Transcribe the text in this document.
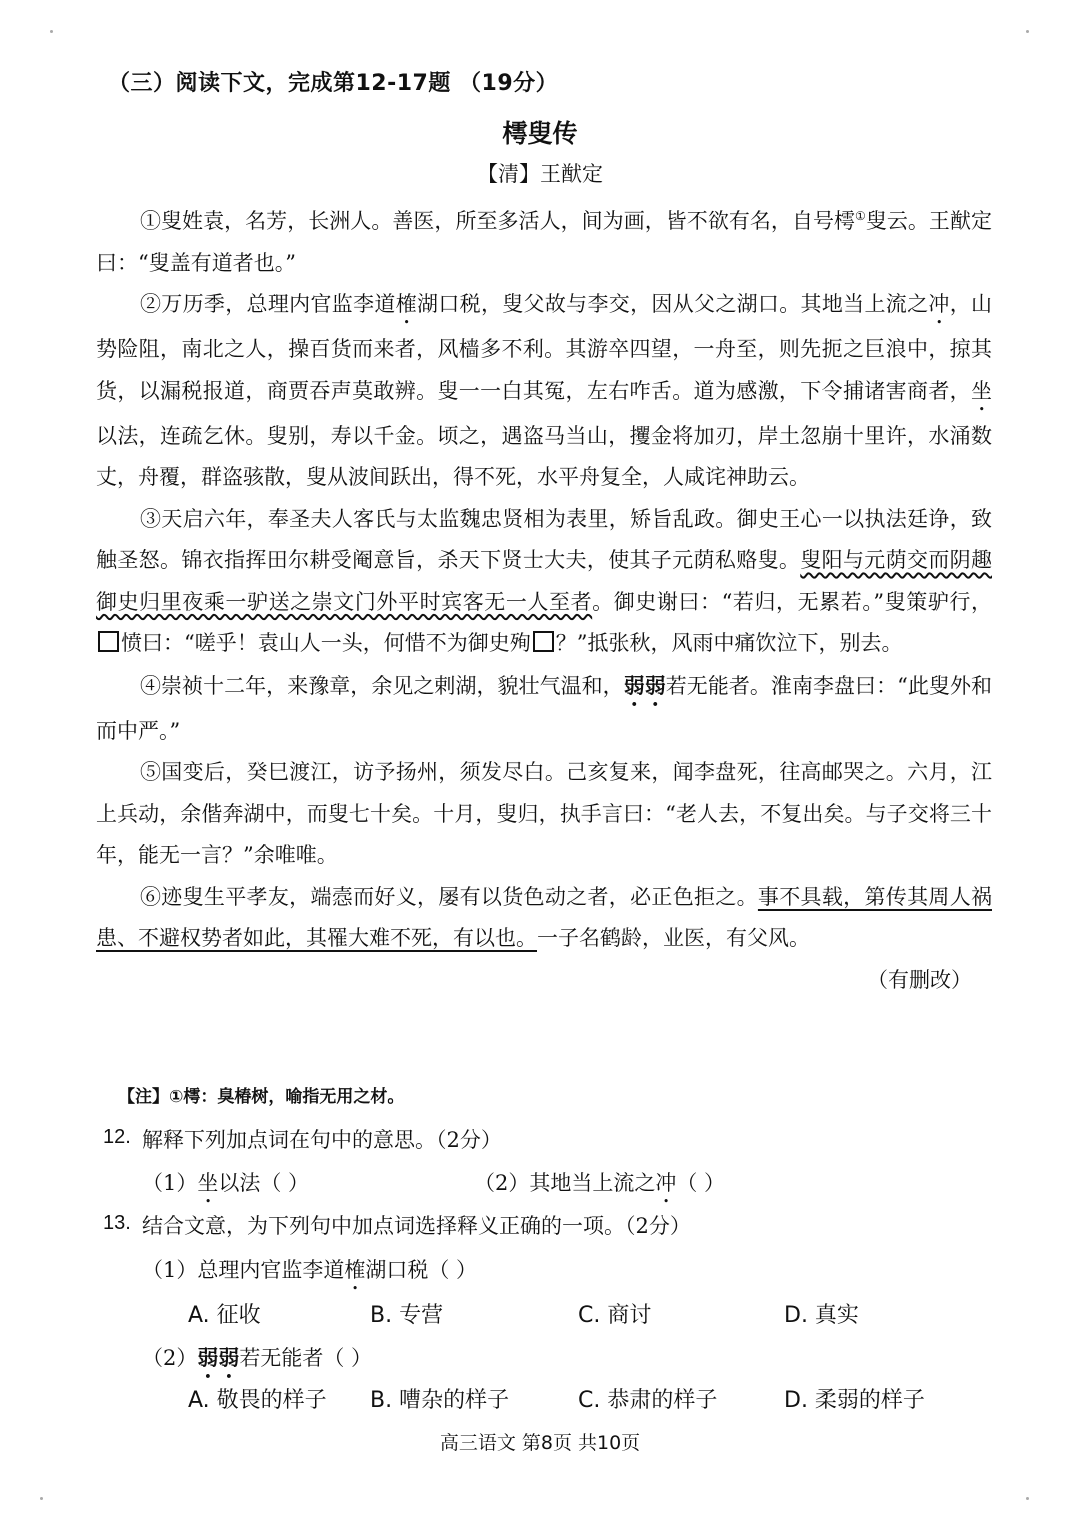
（三）阅读下文，完成第12-17题 （19分）
樗叟传
【清】王猷定

①叟姓袁，名芳，长洲人。善医，所至多活人，间为画，皆不欲有名，自号樗①叟云。王猷定曰：“叟盖有道者也。”

②万历季，总理内官监李道榷湖口税，叟父故与李交，因从父之湖口。其地当上流之冲，山势险阻，南北之人，操百货而来者，风樯多不利。其游卒四望，一舟至，则先扼之巨浪中，掠其货，以漏税报道，商贾吞声莫敢辨。叟一一白其冤，左右咋舌。道为感激，下令捕诸害商者，坐以法，连疏乞休。叟别，寿以千金。顷之，遇盗马当山，攫金将加刃，岸土忽崩十里许，水涌数丈，舟覆，群盗骇散，叟从波间跃出，得不死，水平舟复全，人咸诧神助云。

③天启六年，奉圣夫人客氏与太监魏忠贤相为表里，矫旨乱政。御史王心一以执法廷诤，致触圣怒。锦衣指挥田尔耕受阉意旨，杀天下贤士大夫，使其子元荫私赂叟。叟阳与元荫交而阴趣御史归里夜乘一驴送之崇文门外平时宾客无一人至者。御史谢曰：“若归，无累若。”叟策驴行，愤曰：“嗟乎！袁山人一头，何惜不为御史殉 ？”抵张秋，风雨中痛饮泣下，别去。

④崇祯十二年，来豫章，余见之剌湖，貌壮气温和，弱弱若无能者。淮南李盘曰：“此叟外和而中严。”

⑤国变后，癸巳渡江，访予扬州，须发尽白。己亥复来，闻李盘死，往高邮哭之。六月，江上兵动，余偕奔湖中，而叟七十矣。十月，叟归，执手言曰：“老人去，不复出矣。与子交将三十年，能无一言？”余唯唯。

⑥迹叟生平孝友，端悫而好义，屡有以货色动之者，必正色拒之。事不具载，第传其周人祸患、不避权势者如此，其罹大难不死，有以也。一子名鹤龄，业医，有父风。

（有删改）
【注】①樗：臭椿树，喻指无用之材。
12. 解释下列加点词在句中的意思。（2分）
（1）坐以法（ ）	（2）其地当上流之冲（ ）
13. 结合文意，为下列句中加点词选择释义正确的一项。（2分）
（1）总理内官监李道榷湖口税（ ）
A. 征收	B. 专营	C. 商讨	D. 真实
（2）弱弱若无能者（ ）
A. 敬畏的样子 B. 嘈杂的样子	C. 恭肃的样子	D. 柔弱的样子
高三语文 第8页 共10页
